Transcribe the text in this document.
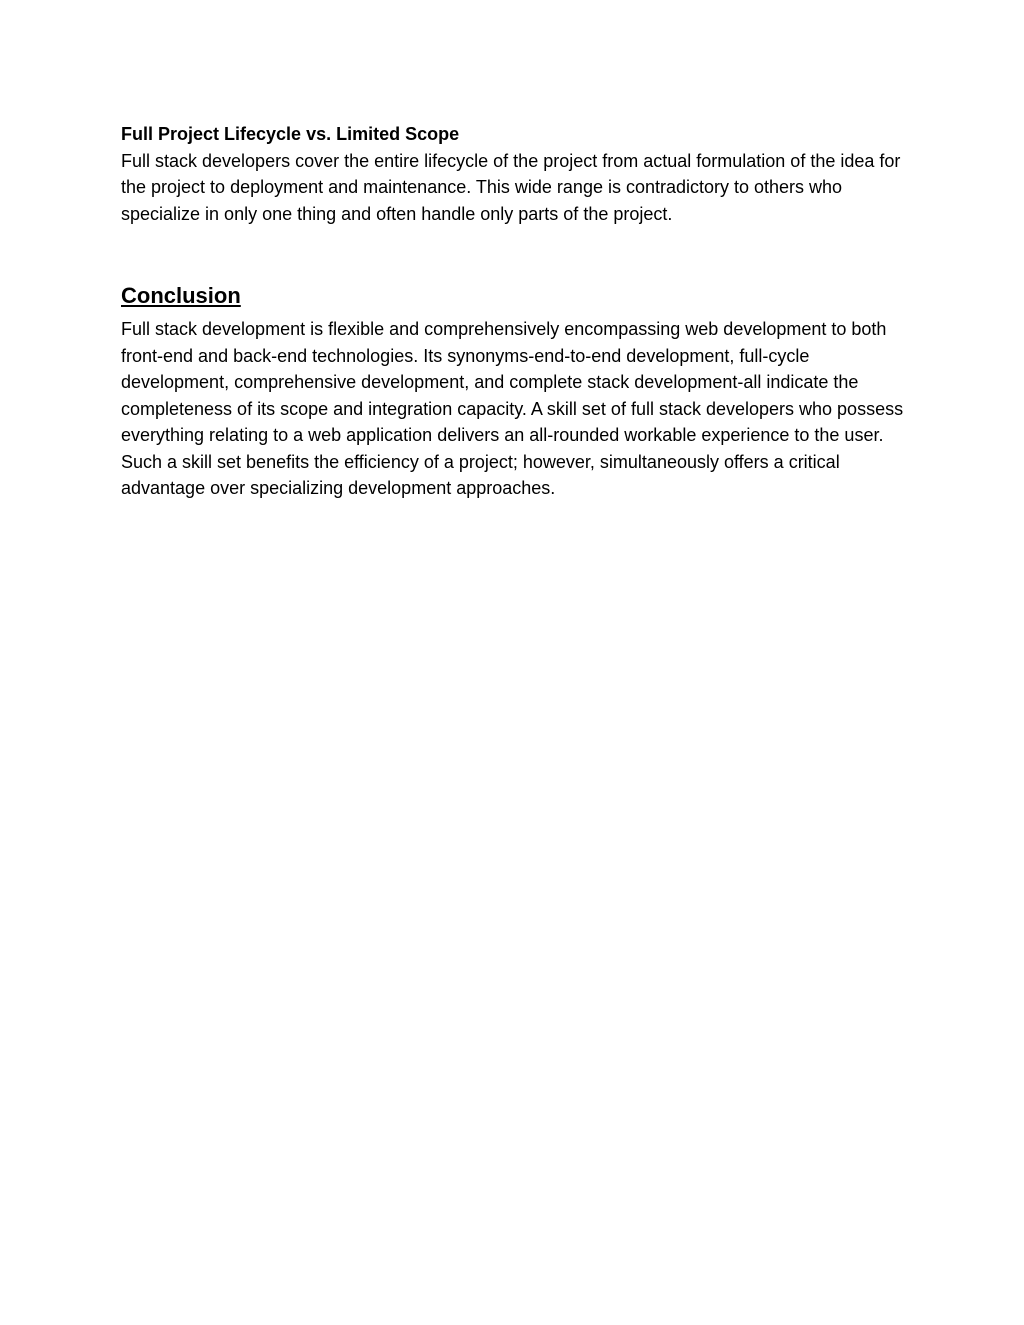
Full Project Lifecycle vs. Limited Scope

Full stack developers cover the entire lifecycle of the project from actual formulation of the idea for the project to deployment and maintenance. This wide range is contradictory to others who specialize in only one thing and often handle only parts of the project.

Conclusion

Full stack development is flexible and comprehensively encompassing web development to both front-end and back-end technologies. Its synonyms-end-to-end development, full-cycle development, comprehensive development, and complete stack development-all indicate the completeness of its scope and integration capacity. A skill set of full stack developers who possess everything relating to a web application delivers an all-rounded workable experience to the user. Such a skill set benefits the efficiency of a project; however, simultaneously offers a critical advantage over specializing development approaches.
